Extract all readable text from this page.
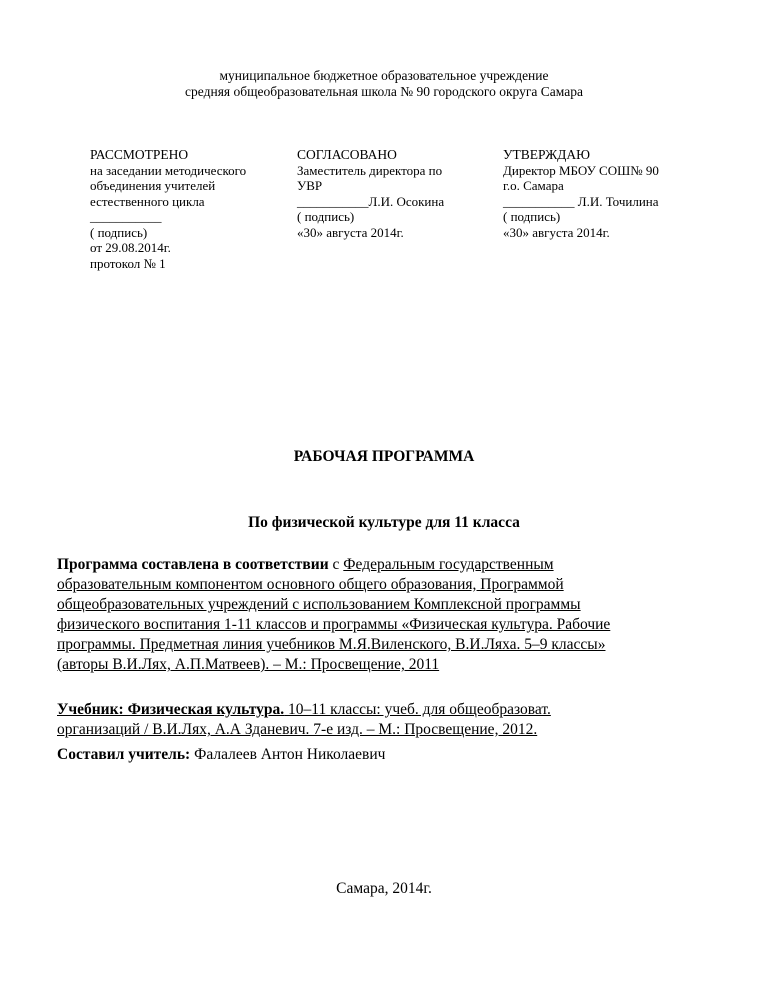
муниципальное бюджетное образовательное учреждение
средняя общеобразовательная школа № 90 городского округа Самара
РАССМОТРЕНО
на заседании методического
объединения учителей
естественного цикла
___________
( подпись)
от 29.08.2014г.
протокол № 1
СОГЛАСОВАНО
Заместитель директора по
УВР
___________Л.И. Осокина
( подпись)
«30» августа 2014г.
УТВЕРЖДАЮ
Директор МБОУ СОШ№ 90
г.о. Самара
___________ Л.И. Точилина
( подпись)
«30» августа 2014г.
РАБОЧАЯ ПРОГРАММА
По физической культуре для 11 класса
Программа составлена в соответствии с Федеральным государственным
образовательным компонентом основного общего образования, Программой
общеобразовательных учреждений с использованием Комплексной программы
физического воспитания 1-11 классов и программы «Физическая культура. Рабочие
программы. Предметная линия учебников М.Я.Виленского, В.И.Ляха. 5–9 классы»
(авторы В.И.Лях, А.П.Матвеев). – М.: Просвещение, 2011
Учебник: Физическая культура. 10–11 классы: учеб. для общеобразоват.
организаций / В.И.Лях, А.А Зданевич. 7-е изд. – М.: Просвещение, 2012.
Составил учитель: Фалалеев Антон Николаевич
Самара, 2014г.
